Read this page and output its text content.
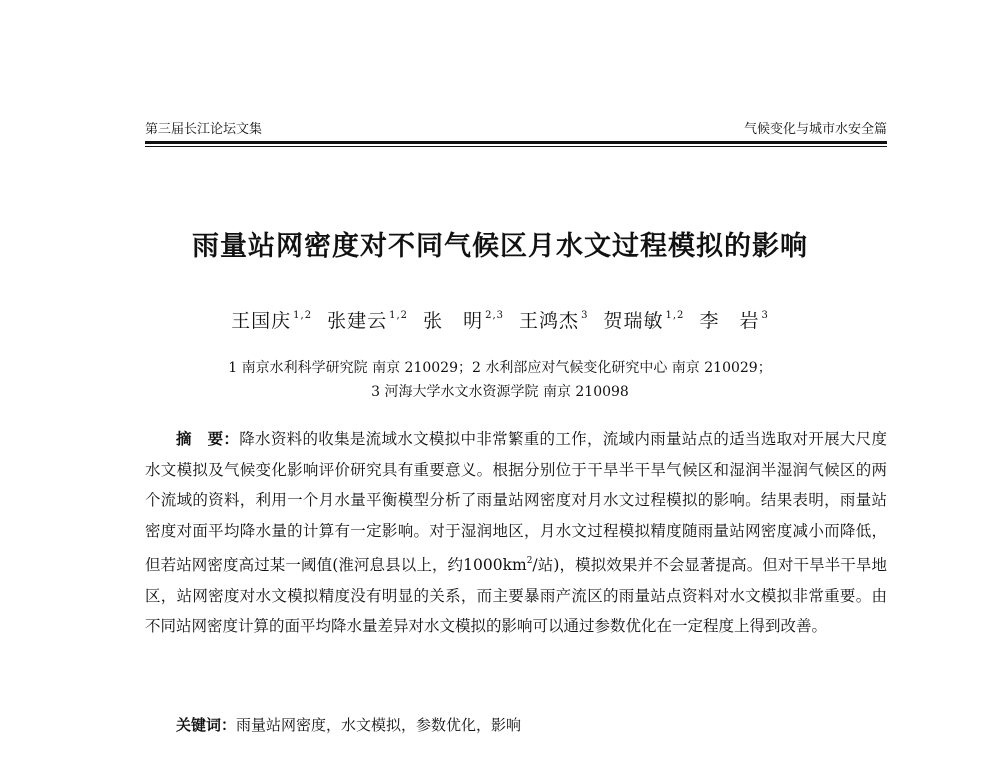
第三届长江论坛文集	气候变化与城市水安全篇
雨量站网密度对不同气候区月水文过程模拟的影响
王国庆 $^{1,2}$ 张建云 $^{1,2}$ 张　明 $^{2,3}$ 王鸿杰 $^3$ 贺瑞敏 $^{1,2}$ 李　岩 $^3$
1 南京水利科学研究院 南京 210029；2 水利部应对气候变化研究中心 南京 210029；
3 河海大学水文水资源学院 南京 210098

摘　要：降水资料的收集是流域水文模拟中非常繁重的工作，流域内雨量站点的适当选取对开展大尺度水文模拟及气候变化影响评价研究具有重要意义。根据分别位于干旱半干旱气候区和湿润半湿润气候区的两个流域的资料，利用一个月水量平衡模型分析了雨量站网密度对月水文过程模拟的影响。结果表明，雨量站密度对面平均降水量的计算有一定影响。对于湿润地区，月水文过程模拟精度随雨量站网密度减小而降低，但若站网密度高过某一阈值(淮河息县以上，约$1000km^2/$站)，模拟效果并不会显著提高。但对干旱半干旱地区，站网密度对水文模拟精度没有明显的关系，而主要暴雨产流区的雨量站点资料对水文模拟非常重要。由不同站网密度计算的面平均降水量差异对水文模拟的影响可以通过参数优化在一定程度上得到改善。

关键词：雨量站网密度，水文模拟，参数优化，影响
